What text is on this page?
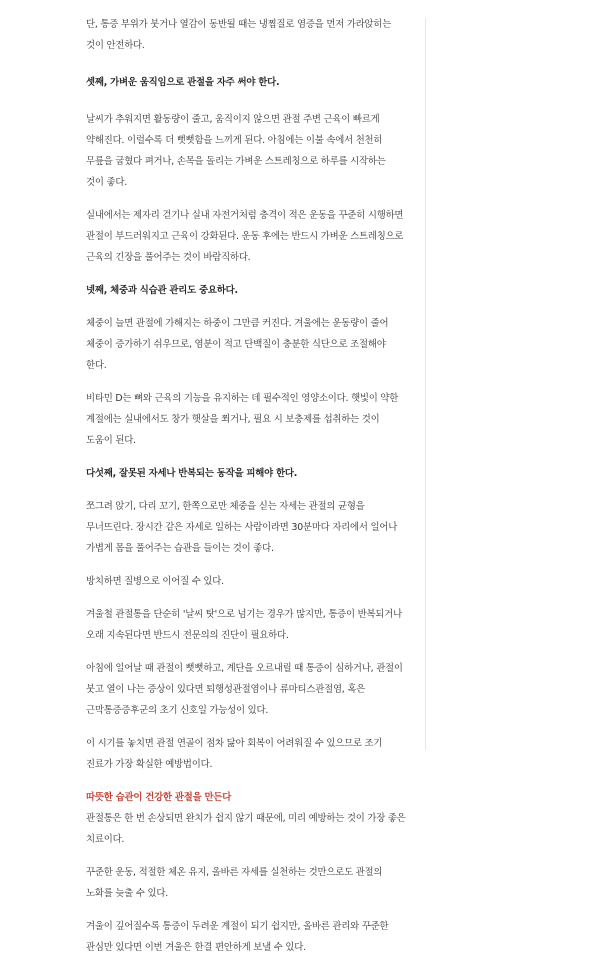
단, 통증 부위가 붓거나 열감이 동반될 때는 냉찜질로 염증을 먼저 가라앉히는 것이 안전하다.

셋째, 가벼운 움직임으로 관절을 자주 써야 한다.

날씨가 추워지면 활동량이 줄고, 움직이지 않으면 관절 주변 근육이 빠르게 약해진다. 이럴수록 더 뻣뻣함을 느끼게 된다. 아침에는 이불 속에서 천천히 무릎을 굽혔다 펴거나, 손목을 돌리는 가벼운 스트레칭으로 하루를 시작하는 것이 좋다.

실내에서는 제자리 걷기나 실내 자전거처럼 충격이 적은 운동을 꾸준히 시행하면 관절이 부드러워지고 근육이 강화된다. 운동 후에는 반드시 가벼운 스트레칭으로 근육의 긴장을 풀어주는 것이 바람직하다.

넷째, 체중과 식습관 관리도 중요하다.

체중이 늘면 관절에 가해지는 하중이 그만큼 커진다. 겨울에는 운동량이 줄어 체중이 증가하기 쉬우므로, 염분이 적고 단백질이 충분한 식단으로 조절해야 한다.

비타민 D는 뼈와 근육의 기능을 유지하는 데 필수적인 영양소이다. 햇빛이 약한 계절에는 실내에서도 창가 햇살을 쬐거나, 필요 시 보충제를 섭취하는 것이 도움이 된다.

다섯째, 잘못된 자세나 반복되는 동작을 피해야 한다.

쪼그려 앉기, 다리 꼬기, 한쪽으로만 체중을 싣는 자세는 관절의 균형을 무너뜨린다. 장시간 같은 자세로 일하는 사람이라면 30분마다 자리에서 일어나 가볍게 몸을 풀어주는 습관을 들이는 것이 좋다.

방치하면 질병으로 이어질 수 있다.

겨울철 관절통을 단순히 '날씨 탓'으로 넘기는 경우가 많지만, 통증이 반복되거나 오래 지속된다면 반드시 전문의의 진단이 필요하다.

아침에 일어날 때 관절이 뻣뻣하고, 계단을 오르내릴 때 통증이 심하거나, 관절이 붓고 열이 나는 증상이 있다면 퇴행성관절염이나 류마티스관절염, 혹은 근막통증증후군의 초기 신호일 가능성이 있다.

이 시기를 놓치면 관절 연골이 점차 닳아 회복이 어려워질 수 있으므로 조기 진료가 가장 확실한 예방법이다.

따뜻한 습관이 건강한 관절을 만든다

관절통은 한 번 손상되면 완치가 쉽지 않기 때문에, 미리 예방하는 것이 가장 좋은 치료이다.

꾸준한 운동, 적절한 체온 유지, 올바른 자세를 실천하는 것만으로도 관절의 노화를 늦출 수 있다.

겨울이 깊어질수록 통증이 두려운 계절이 되기 쉽지만, 올바른 관리와 꾸준한 관심만 있다면 이번 겨울은 한결 편안하게 보낼 수 있다.
